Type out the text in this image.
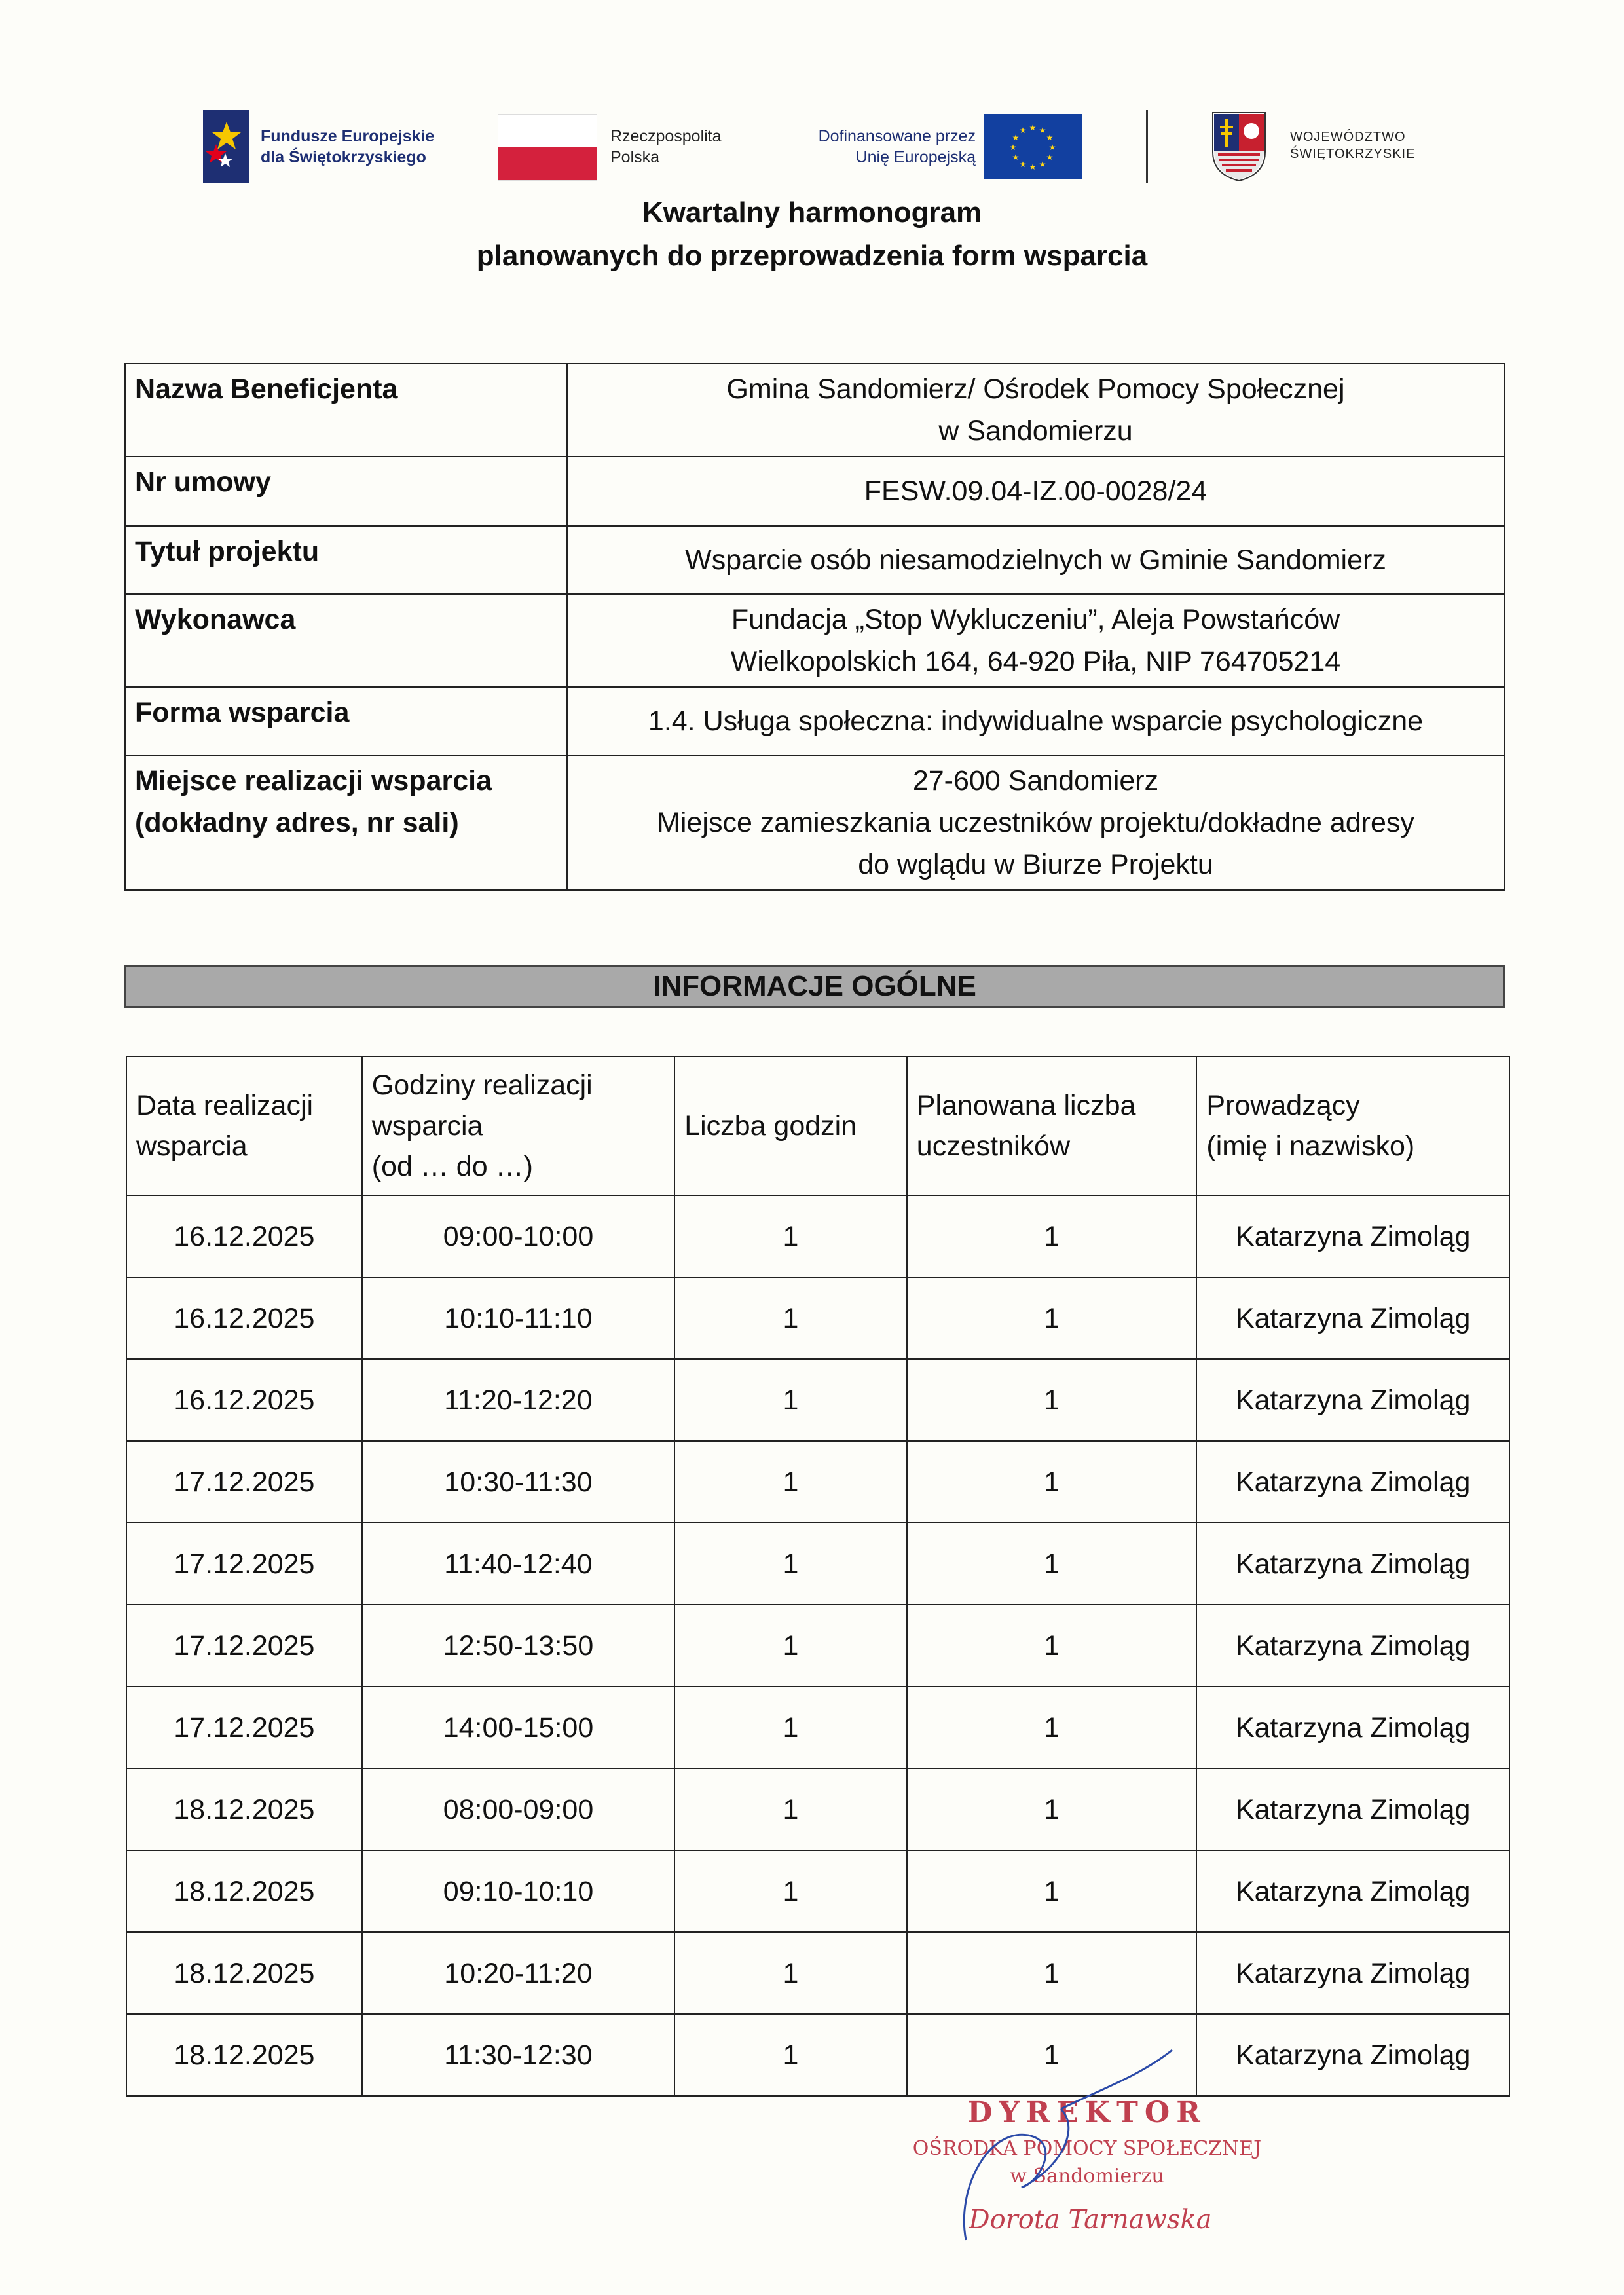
Fundusze Europejskie
dla Świętokrzyskiego
Rzeczpospolita
Polska
Dofinansowane przez
Unię Europejską
★ ★
★
★
★
★
★
★
★
★
★
★	WOJEWÓDZTWO
ŚWIĘTOKRZYSKIE
Kwartalny harmonogram
planowanych do przeprowadzenia form wsparcia
Nazwa Beneficjenta	Gmina Sandomierz/ Ośrodek Pomocy Społecznej
w Sandomierzu
Nr umowy	FESW.09.04-IZ.00-0028/24
Tytuł projektu	Wsparcie osób niesamodzielnych w Gminie Sandomierz
Wykonawca	Fundacja „Stop Wykluczeniu”, Aleja Powstańców
Wielkopolskich 164, 64-920 Piła, NIP 764705214
Forma wsparcia	1.4. Usługa społeczna: indywidualne wsparcie psychologiczne
Miejsce realizacji wsparcia
(dokładny adres, nr sali)	27-600 Sandomierz
Miejsce zamieszkania uczestników projektu/dokładne adresy
do wglądu w Biurze Projektu
INFORMACJE OGÓLNE
Data realizacji
wsparcia	Godziny realizacji
wsparcia
(od … do …)	Liczba godzin	Planowana liczba
uczestników	Prowadzący
(imię i nazwisko)
16.12.2025	09:00-10:00	1	1	Katarzyna Zimoląg
16.12.2025	10:10-11:10	1	1	Katarzyna Zimoląg
16.12.2025	11:20-12:20	1	1	Katarzyna Zimoląg
17.12.2025	10:30-11:30	1	1	Katarzyna Zimoląg
17.12.2025	11:40-12:40	1	1	Katarzyna Zimoląg
17.12.2025	12:50-13:50	1	1	Katarzyna Zimoląg
17.12.2025	14:00-15:00	1	1	Katarzyna Zimoląg
18.12.2025	08:00-09:00	1	1	Katarzyna Zimoląg
18.12.2025	09:10-10:10	1	1	Katarzyna Zimoląg
18.12.2025	10:20-11:20	1	1	Katarzyna Zimoląg
18.12.2025	11:30-12:30	1	1	Katarzyna Zimoląg
DYREKTOR
OŚRODKA POMOCY SPOŁECZNEJ
w Sandomierzu
Dorota Tarnawska
